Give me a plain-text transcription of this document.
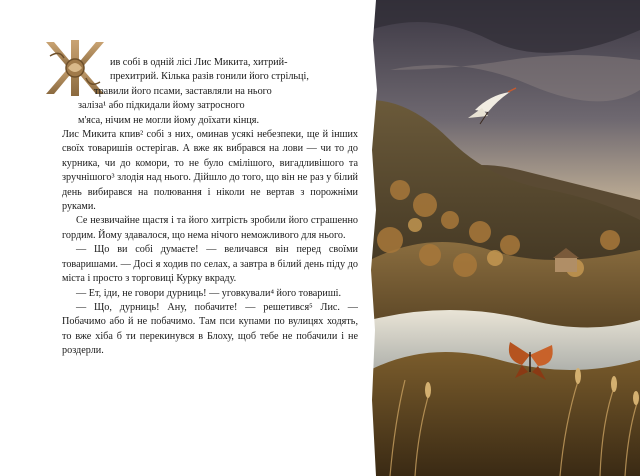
ив собі в одній лісі Лис Микита, хитрий-
прехитрий. Кілька разів гонили його стрільці,
травили його псами, заставляли на нього
заліза¹ або підкидали йому затросного
м'яса, нічим не могли йому доїхати кінця.
Лис Микита кпив² собі з них, оминав усякі небезпеки, ще й інших своїх товаришів остерігав. А вже як вибрався на лови — чи то до курника, чи до комори, то не було смілішого, вигадливішого та зручнішого³ злодія над нього. Дійшло до того, що він не раз у білий день вибирався на полювання і ніколи не вертав з порожніми руками.

Се незвичайне щастя і та його хитрість зробили його страшенно гордим. Йому здавалося, що нема нічого неможливого для нього.

— Що ви собі думаєте! — величався він перед своїми товаришами. — Досі я ходив по селах, а завтра в білий день піду до міста і просто з торговиці Курку вкраду.

— Ет, іди, не говори дурниць! — уговкували⁴ його товариші.

— Що, дурниць! Ану, побачите! — решетився⁵ Лис. — Побачимо або й не побачимо. Там пси купами по вулицях ходять, то вже хіба б ти перекинувся в Блоху, щоб тебе не побачили і не роздерли.
